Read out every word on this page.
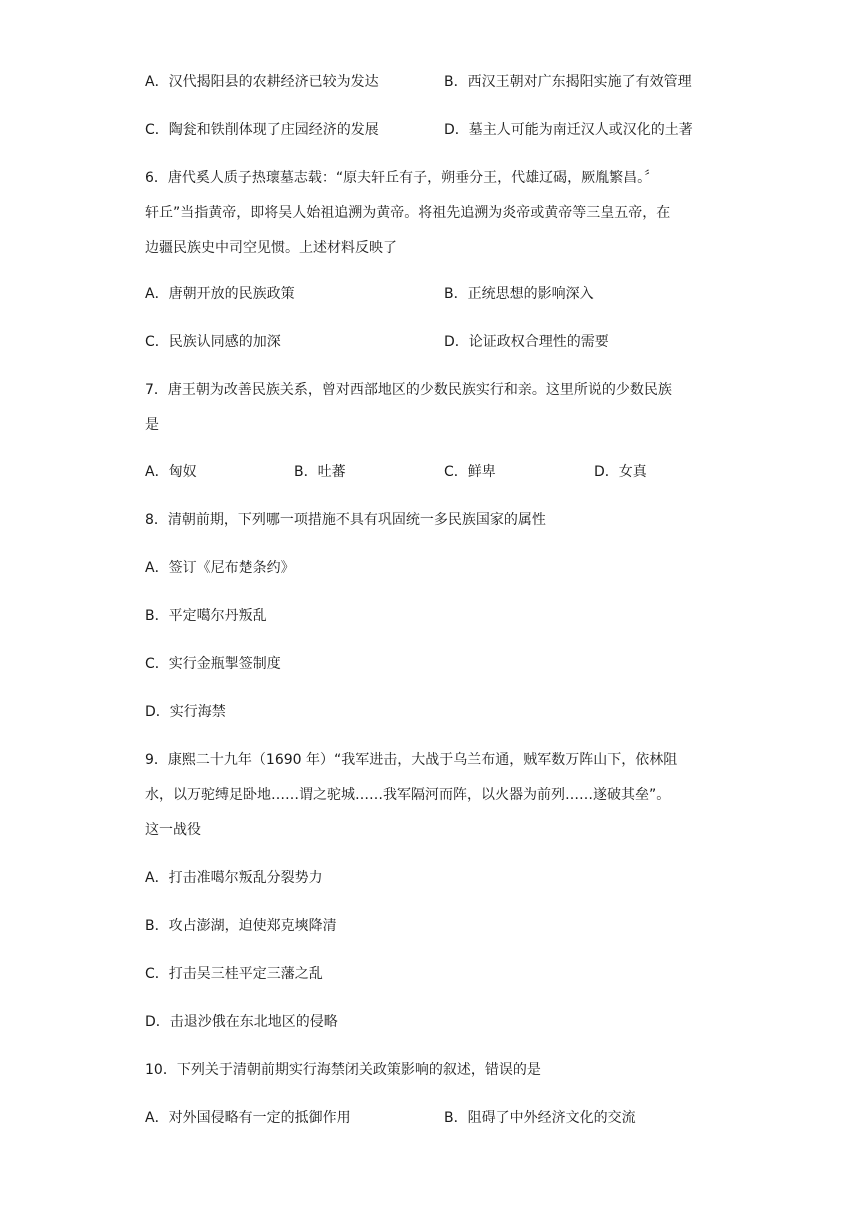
A．汉代揭阳县的农耕经济已较为发达	B．西汉王朝对广东揭阳实施了有效管理
C．陶瓮和铁削体现了庄园经济的发展	D．墓主人可能为南迁汉人或汉化的土著
6．唐代奚人质子热瓌墓志载：“原夫轩丘有子，朔垂分王，代雄辽碣，厥胤繁昌。〞
轩丘”当指黄帝，即将吴人始祖追溯为黄帝。将祖先追溯为炎帝或黄帝等三皇五帝，在
边疆民族史中司空见惯。上述材料反映了
A．唐朝开放的民族政策	B．正统思想的影响深入
C．民族认同感的加深	D．论证政权合理性的需要
7．唐王朝为改善民族关系，曾对西部地区的少数民族实行和亲。这里所说的少数民族
是
A．匈奴	B．吐蕃	C．鲜卑	D．女真
8．清朝前期，下列哪一项措施不具有巩固统一多民族国家的属性
A．签订《尼布楚条约》
B．平定噶尔丹叛乱
C．实行金瓶掣签制度
D．实行海禁
9．康熙二十九年（1690 年）“我军进击，大战于乌兰布通，贼军数万阵山下，依林阻
水，以万驼缚足卧地……谓之驼城……我军隔河而阵，以火器为前列……遂破其垒”。
这一战役
A．打击准噶尔叛乱分裂势力
B．攻占澎湖，迫使郑克塽降清
C．打击吴三桂平定三藩之乱
D．击退沙俄在东北地区的侵略
10．下列关于清朝前期实行海禁闭关政策影响的叙述，错误的是
A．对外国侵略有一定的抵御作用	B．阻碍了中外经济文化的交流
